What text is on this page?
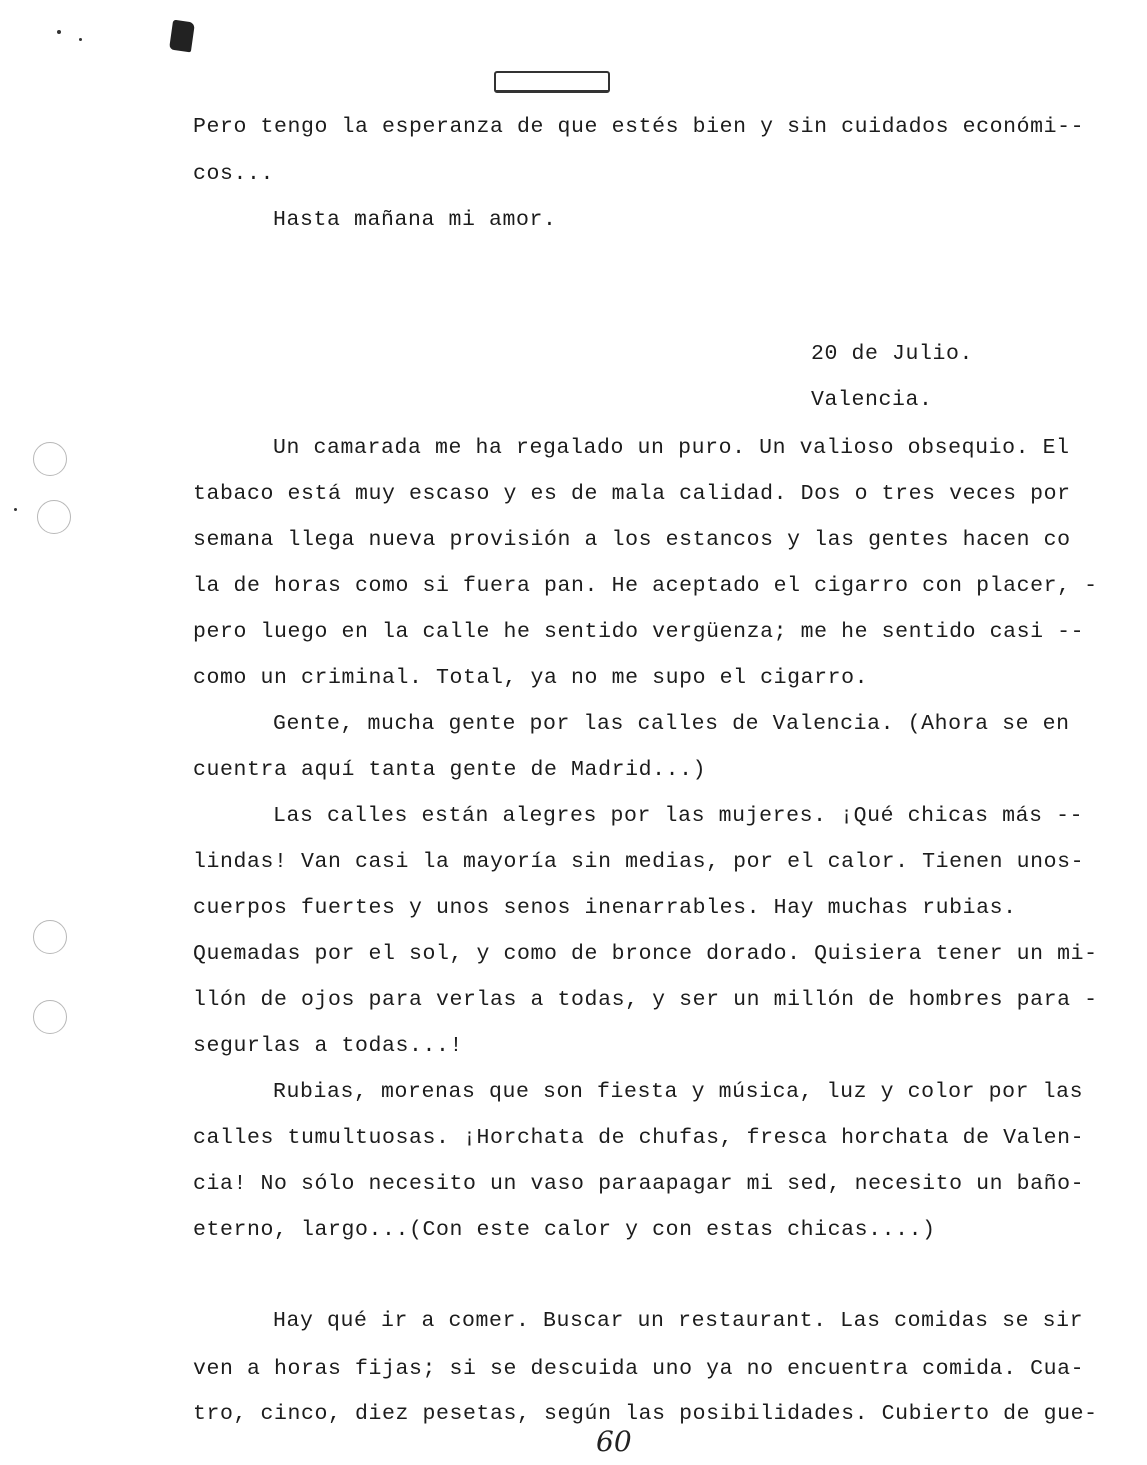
Pero tengo la esperanza de que estés bien y sin cuidados económi--
cos...
Hasta mañana mi amor.
20 de Julio.
Valencia.
Un camarada me ha regalado un puro. Un valioso obsequio. El
tabaco está muy escaso y es de mala calidad. Dos o tres veces por
semana llega nueva provisión a los estancos y las gentes hacen co
la de horas como si fuera pan. He aceptado el cigarro con placer, -
pero luego en la calle he sentido vergüenza; me he sentido casi --
como un criminal. Total, ya no me supo el cigarro.
Gente, mucha gente por las calles de Valencia. (Ahora se en
cuentra aquí tanta gente de Madrid...)
Las calles están alegres por las mujeres. ¡Qué chicas más --
lindas! Van casi la mayoría sin medias, por el calor. Tienen unos-
cuerpos fuertes y unos senos inenarrables. Hay muchas rubias.
Quemadas por el sol, y como de bronce dorado. Quisiera tener un mi-
llón de ojos para verlas a todas, y ser un millón de hombres para -
segurlas a todas...!
Rubias, morenas que son fiesta y música, luz y color por las
calles tumultuosas. ¡Horchata de chufas, fresca horchata de Valen-
cia! No sólo necesito un vaso paraapagar mi sed, necesito un baño-
eterno, largo...(Con este calor y con estas chicas....)
Hay qué ir a comer. Buscar un restaurant. Las comidas se sir
ven a horas fijas; si se descuida uno ya no encuentra comida. Cua-
tro, cinco, diez pesetas, según las posibilidades. Cubierto de gue-
60
